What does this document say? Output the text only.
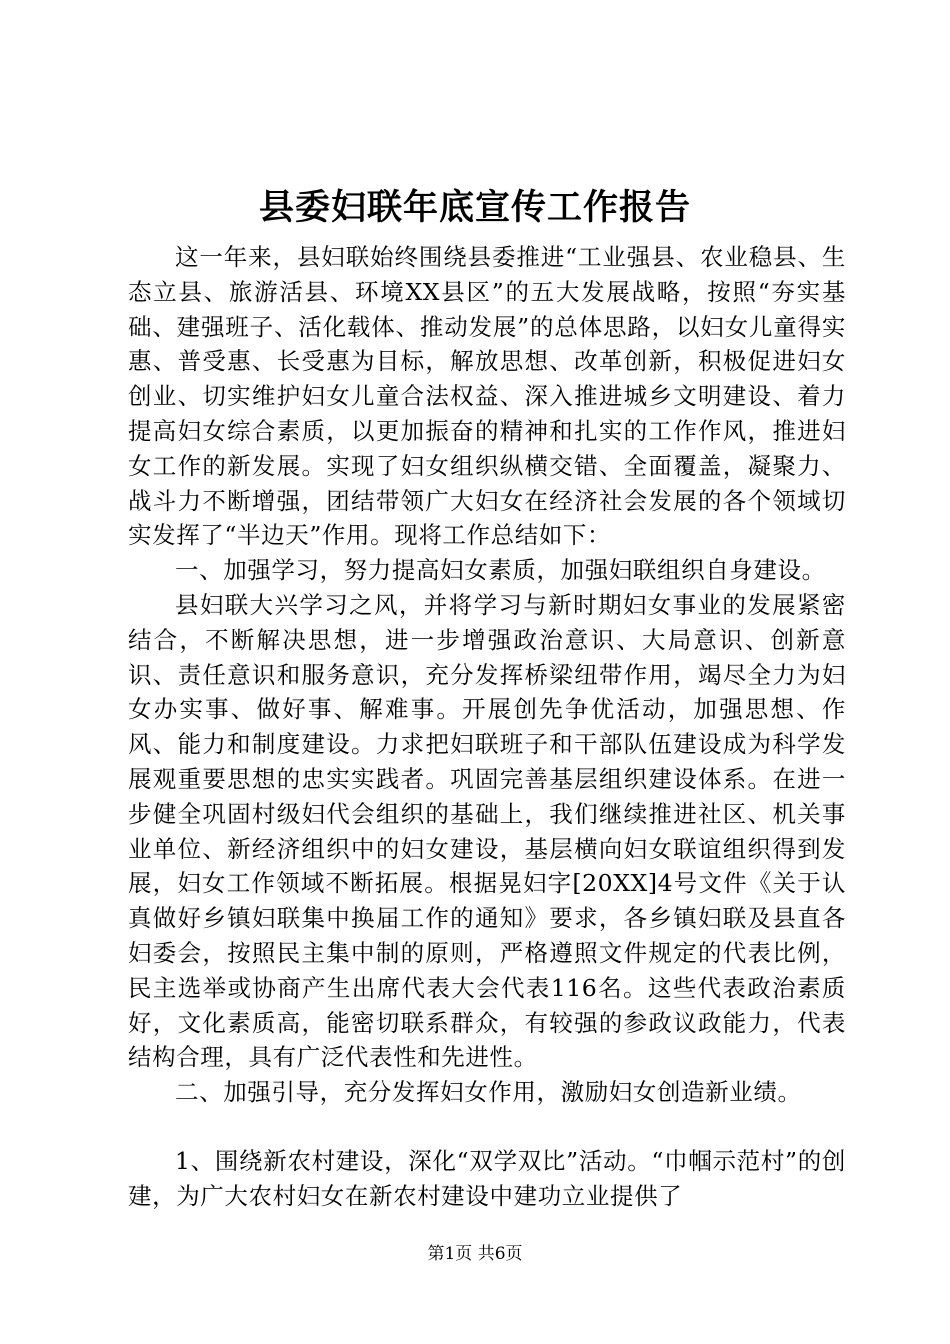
县委妇联年底宣传工作报告

这一年来，县妇联始终围绕县委推进“工业强县、农业稳县、生态立县、旅游活县、环境XX县区”的五大发展战略，按照“夯实基础、建强班子、活化载体、推动发展”的总体思路，以妇女儿童得实惠、普受惠、长受惠为目标，解放思想、改革创新，积极促进妇女创业、切实维护妇女儿童合法权益、深入推进城乡文明建设、着力提高妇女综合素质，以更加振奋的精神和扎实的工作作风，推进妇女工作的新发展。实现了妇女组织纵横交错、全面覆盖，凝聚力、战斗力不断增强，团结带领广大妇女在经济社会发展的各个领域切实发挥了“半边天”作用。现将工作总结如下：

一、加强学习，努力提高妇女素质，加强妇联组织自身建设。

县妇联大兴学习之风，并将学习与新时期妇女事业的发展紧密结合，不断解决思想，进一步增强政治意识、大局意识、创新意识、责任意识和服务意识，充分发挥桥梁纽带作用，竭尽全力为妇女办实事、做好事、解难事。开展创先争优活动，加强思想、作风、能力和制度建设。力求把妇联班子和干部队伍建设成为科学发展观重要思想的忠实实践者。巩固完善基层组织建设体系。在进一步健全巩固村级妇代会组织的基础上，我们继续推进社区、机关事业单位、新经济组织中的妇女建设，基层横向妇女联谊组织得到发展，妇女工作领域不断拓展。根据晃妇字[20XX]4号文件《关于认真做好乡镇妇联集中换届工作的通知》要求，各乡镇妇联及县直各妇委会，按照民主集中制的原则，严格遵照文件规定的代表比例，民主选举或协商产生出席代表大会代表116名。这些代表政治素质好，文化素质高，能密切联系群众，有较强的参政议政能力，代表结构合理，具有广泛代表性和先进性。

二、加强引导，充分发挥妇女作用，激励妇女创造新业绩。

1、围绕新农村建设，深化“双学双比”活动。“巾帼示范村”的创建，为广大农村妇女在新农村建设中建功立业提供了

第1页 共6页
